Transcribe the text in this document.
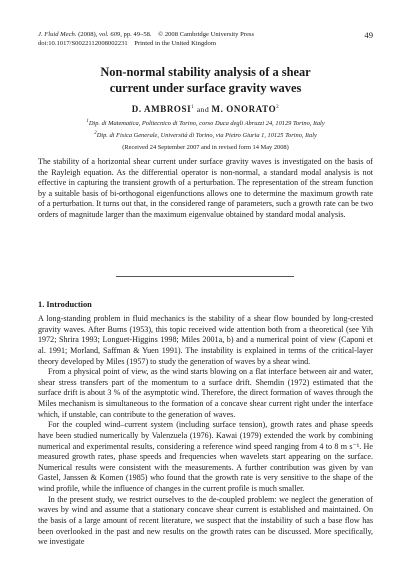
J. Fluid Mech. (2008), vol. 609, pp. 49–58. © 2008 Cambridge University Press
doi:10.1017/S0022112008002231 Printed in the United Kingdom
49
Non-normal stability analysis of a shear
current under surface gravity waves
D. AMBROSI$^1$ and M. ONORATO$^2$
$^1$Dip. di Matematica, Politecnico di Torino, corso Duca degli Abruzzi 24, 10129 Torino, Italy
$^2$Dip. di Fisica Generale, Università di Torino, via Pietro Giuria 1, 10125 Torino, Italy
(Received 24 September 2007 and in revised form 14 May 2008)
The stability of a horizontal shear current under surface gravity waves is investigated on the basis of the Rayleigh equation. As the differential operator is non-normal, a standard modal analysis is not effective in capturing the transient growth of a perturbation. The representation of the stream function by a suitable basis of bi-orthogonal eigenfunctions allows one to determine the maximum growth rate of a perturbation. It turns out that, in the considered range of parameters, such a growth rate can be two orders of magnitude larger than the maximum eigenvalue obtained by standard modal analysis.
1. Introduction

A long-standing problem in fluid mechanics is the stability of a shear flow bounded by long-crested gravity waves. After Burns (1953), this topic received wide attention both from a theoretical (see Yih 1972; Shrira 1993; Longuet-Higgins 1998; Miles 2001a, b) and a numerical point of view (Caponi et al. 1991; Morland, Saffman & Yuen 1991). The instability is explained in terms of the critical-layer theory developed by Miles (1957) to study the generation of waves by a shear wind.

From a physical point of view, as the wind starts blowing on a flat interface between air and water, shear stress transfers part of the momentum to a surface drift. Shemdin (1972) estimated that the surface drift is about 3 % of the asymptotic wind. Therefore, the direct formation of waves through the Miles mechanism is simultaneous to the formation of a concave shear current right under the interface which, if unstable, can contribute to the generation of waves.

For the coupled wind–current system (including surface tension), growth rates and phase speeds have been studied numerically by Valenzuela (1976). Kawai (1979) extended the work by combining numerical and experimental results, considering a reference wind speed ranging from 4 to 8 m s⁻¹. He measured growth rates, phase speeds and frequencies when wavelets start appearing on the surface. Numerical results were consistent with the measurements. A further contribution was given by van Gastel, Janssen & Komen (1985) who found that the growth rate is very sensitive to the shape of the wind profile, while the influence of changes in the current profile is much smaller.

In the present study, we restrict ourselves to the de-coupled problem: we neglect the generation of waves by wind and assume that a stationary concave shear current is established and maintained. On the basis of a large amount of recent literature, we suspect that the instability of such a base flow has been overlooked in the past and new results on the growth rates can be discussed. More specifically, we investigate
